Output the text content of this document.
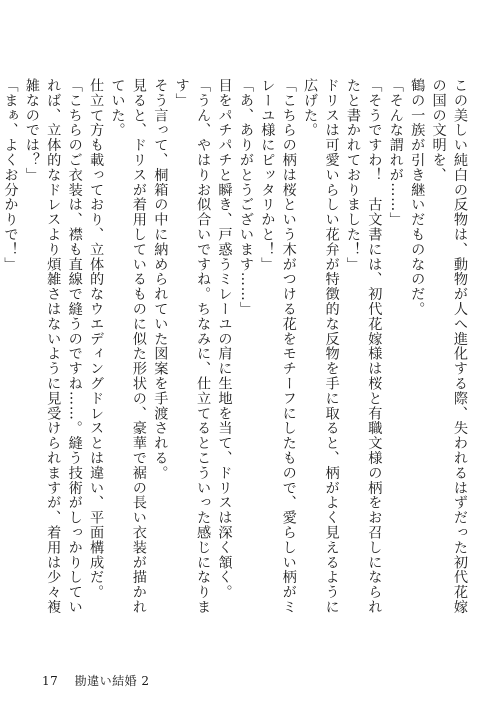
この美しい純白の反物は、動物が人へ進化する際、失われるはずだった初代花嫁の国の文明を、

鶴の一族が引き継いだものなのだ。

「そんな謂れが……」

「そうですわ！　古文書には、初代花嫁様は桜と有職文様の柄をお召しになられたと書かれておりました！」

ドリスは可愛いらしい花弁が特徴的な反物を手に取ると、柄がよく見えるように広げた。

「こちらの柄は桜という木がつける花をモチーフにしたもので、愛らしい柄がミレーユ様にピッタリかと！」

「あ、ありがとうございます……」

目をパチパチと瞬き、戸惑うミレーユの肩に生地を当て、ドリスは深く頷く。

「うん、やはりお似合いですね。ちなみに、仕立てるとこういった感じになります」

そう言って、桐箱の中に納められていた図案を手渡される。

見ると、ドリスが着用しているものに似た形状の、豪華で裾の長い衣装が描かれていた。

仕立て方も載っており、立体的なウエディングドレスとは違い、平面構成だ。

「こちらのご衣装は、襟も直線で縫うのですね……。縫う技術がしっかりしていれば、立体的なドレスより煩雑さはないように見受けられますが、着用は少々複雑なのでは？」

「まぁ、よくお分かりで！」

17 勘違い結婚 2
